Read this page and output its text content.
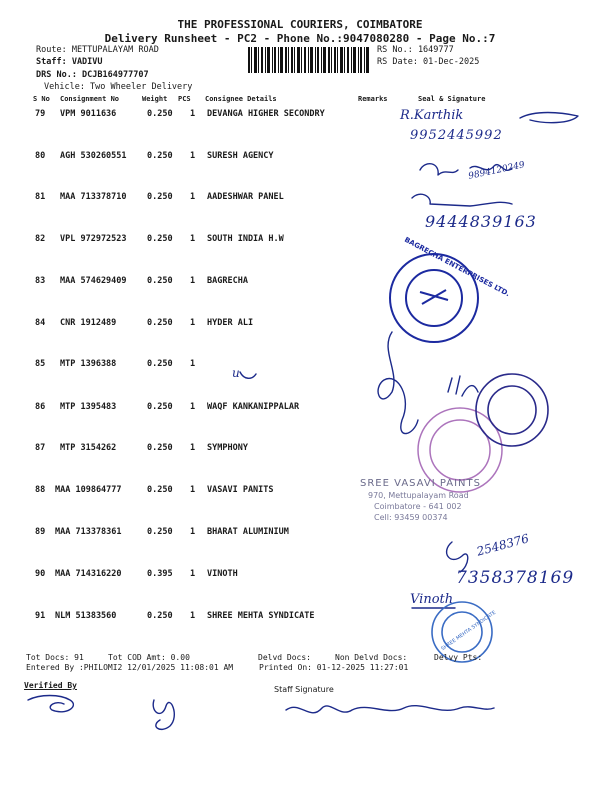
THE PROFESSIONAL COURIERS, COIMBATORE
Delivery Runsheet - PC2 - Phone No.:9047080280 - Page No.:7
Route: METTUPALAYAM ROAD
Staff: VADIVU
DRS No.: DCJB164977707
Vehicle: Two Wheeler Delivery
RS No.: 1649777
RS Date: 01-Dec-2025
S No Consignment No	Weight PCS Consignee Details	Remarks	Seal & Signature
79 VPM 9011636	0.250 1 DEVANGA HIGHER SECONDRY
80 AGH 530260551 0.250 1 SURESH AGENCY
81 MAA 713378710 0.250 1 AADESHWAR PANEL
82 VPL 972972523 0.250 1 SOUTH INDIA H.W
83 MAA 574629409 0.250 1 BAGRECHA
84 CNR 1912489	0.250 1 HYDER ALI
85 MTP 1396388	0.250 1
86 MTP 1395483	0.250 1 WAQF KANKANIPPALAR
87 MTP 3154262	0.250 1 SYMPHONY
88 MAA 109864777	0.250 1 VASAVI PANITS
89 MAA 713378361	0.250 1 BHARAT ALUMINIUM
90 MAA 714316220	0.395 1 VINOTH
91 NLM 51383560	0.250 1 SHREE MEHTA SYNDICATE
R.Karthik
9952445992
9894120249
9444839163
2548376
7358378169
Vinoth
u
BAGRECHA ENTERPRISES LTD.
SREE VASAVI PAINTS
970, Mettupalayam Road
Coimbatore - 641 002
Cell: 93459 00374
SHREE MEHTA SYNDICATE
Tot Docs: 91	Tot COD Amt: 0.00	Delvd Docs:	Non Delvd Docs:	Delvy Pts:
Entered By :PHILOMI2 12/01/2025 11:08:01 AM	Printed On: 01-12-2025 11:27:01
Verified By	Staff Signature
